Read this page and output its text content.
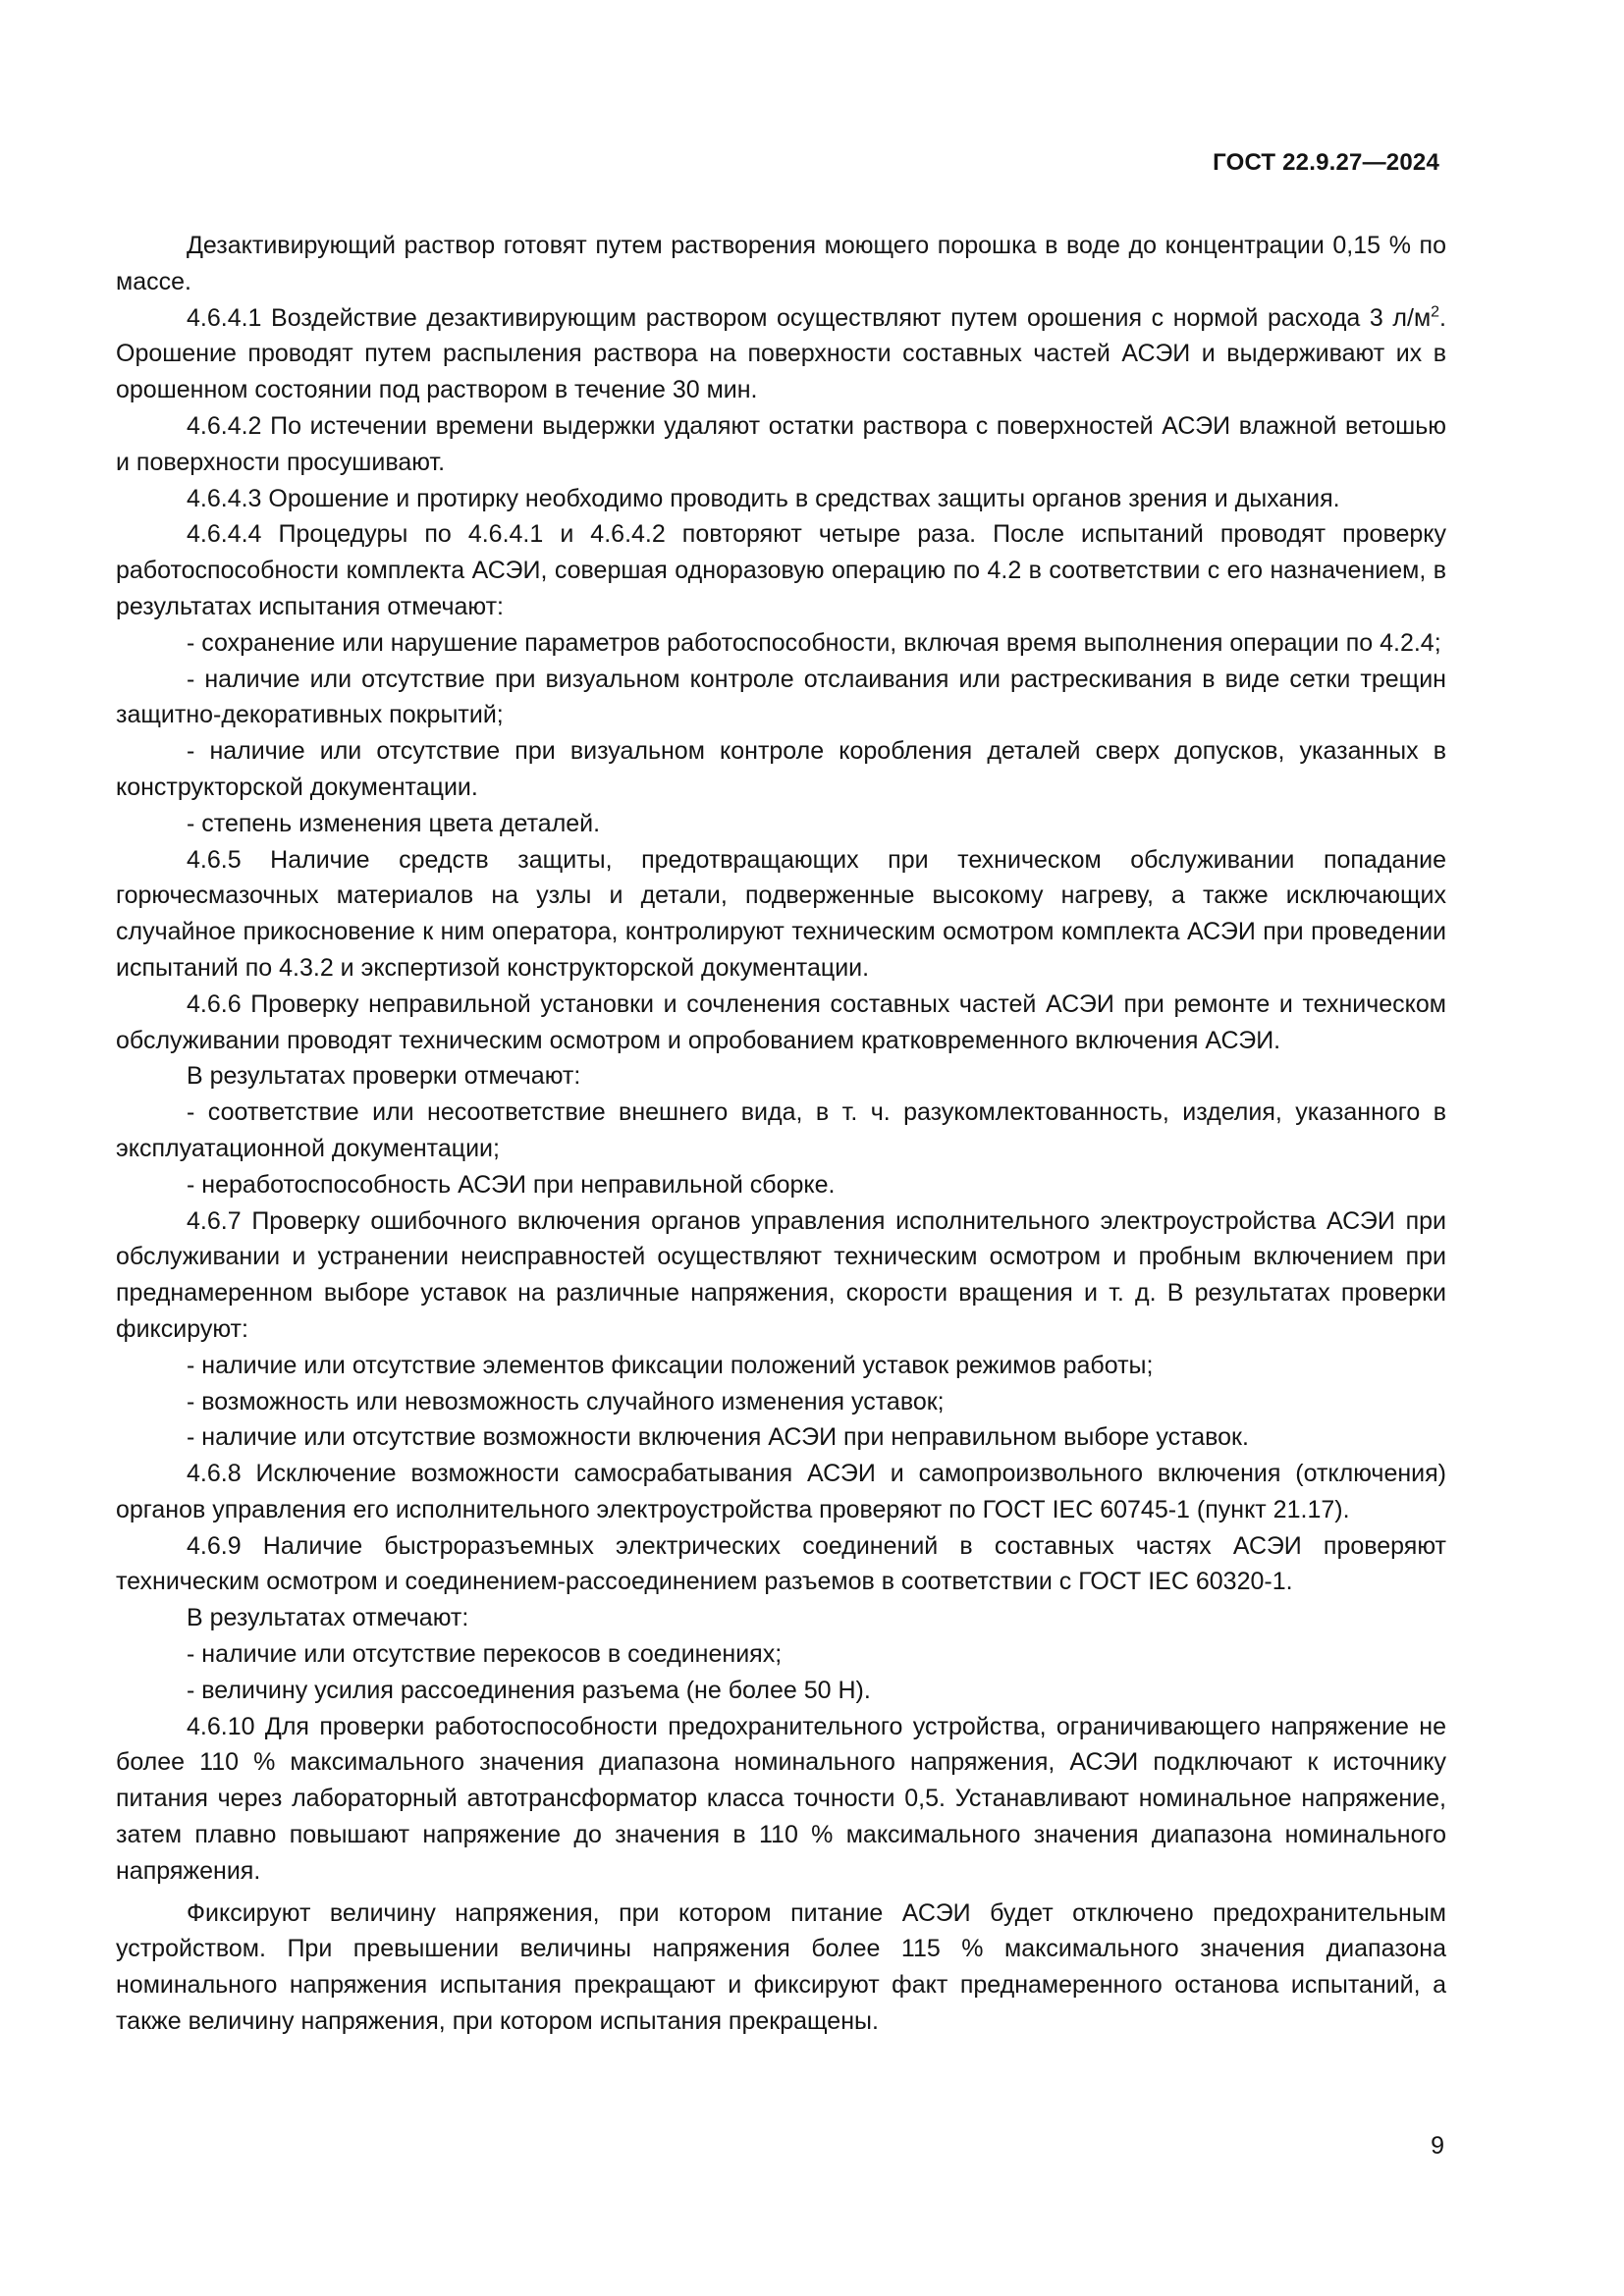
ГОСТ 22.9.27—2024

Дезактивирующий раствор готовят путем растворения моющего порошка в воде до концентрации 0,15 % по массе.

4.6.4.1 Воздействие дезактивирующим раствором осуществляют путем орошения с нормой расхода 3 $л/м^2$. Орошение проводят путем распыления раствора на поверхности составных частей АСЭИ и выдерживают их в орошенном состоянии под раствором в течение 30 мин.

4.6.4.2 По истечении времени выдержки удаляют остатки раствора с поверхностей АСЭИ влажной ветошью и поверхности просушивают.

4.6.4.3 Орошение и протирку необходимо проводить в средствах защиты органов зрения и дыхания.

4.6.4.4 Процедуры по 4.6.4.1 и 4.6.4.2 повторяют четыре раза. После испытаний проводят проверку работоспособности комплекта АСЭИ, совершая одноразовую операцию по 4.2 в соответствии с его назначением, в результатах испытания отмечают:

- сохранение или нарушение параметров работоспособности, включая время выполнения операции по 4.2.4;

- наличие или отсутствие при визуальном контроле отслаивания или растрескивания в виде сетки трещин защитно-декоративных покрытий;

- наличие или отсутствие при визуальном контроле коробления деталей сверх допусков, указанных в конструкторской документации.

- степень изменения цвета деталей.

4.6.5 Наличие средств защиты, предотвращающих при техническом обслуживании попадание горючесмазочных материалов на узлы и детали, подверженные высокому нагреву, а также исключающих случайное прикосновение к ним оператора, контролируют техническим осмотром комплекта АСЭИ при проведении испытаний по 4.3.2 и экспертизой конструкторской документации.

4.6.6 Проверку неправильной установки и сочленения составных частей АСЭИ при ремонте и техническом обслуживании проводят техническим осмотром и опробованием кратковременного включения АСЭИ.

В результатах проверки отмечают:

- соответствие или несоответствие внешнего вида, в т. ч. разукомлектованность, изделия, указанного в эксплуатационной документации;

- неработоспособность АСЭИ при неправильной сборке.

4.6.7 Проверку ошибочного включения органов управления исполнительного электроустройства АСЭИ при обслуживании и устранении неисправностей осуществляют техническим осмотром и пробным включением при преднамеренном выборе уставок на различные напряжения, скорости вращения и т. д. В результатах проверки фиксируют:

- наличие или отсутствие элементов фиксации положений уставок режимов работы;

- возможность или невозможность случайного изменения уставок;

- наличие или отсутствие возможности включения АСЭИ при неправильном выборе уставок.

4.6.8 Исключение возможности самосрабатывания АСЭИ и самопроизвольного включения (отключения) органов управления его исполнительного электроустройства проверяют по ГОСТ IEC 60745-1 (пункт 21.17).

4.6.9 Наличие быстроразъемных электрических соединений в составных частях АСЭИ проверяют техническим осмотром и соединением-рассоединением разъемов в соответствии с ГОСТ IEC 60320-1.

В результатах отмечают:

- наличие или отсутствие перекосов в соединениях;

- величину усилия рассоединения разъема (не более 50 Н).

4.6.10 Для проверки работоспособности предохранительного устройства, ограничивающего напряжение не более 110 % максимального значения диапазона номинального напряжения, АСЭИ подключают к источнику питания через лабораторный автотрансформатор класса точности 0,5. Устанавливают номинальное напряжение, затем плавно повышают напряжение до значения в 110 % максимального значения диапазона номинального напряжения.

Фиксируют величину напряжения, при котором питание АСЭИ будет отключено предохранительным устройством. При превышении величины напряжения более 115 % максимального значения диапазона номинального напряжения испытания прекращают и фиксируют факт преднамеренного останова испытаний, а также величину напряжения, при котором испытания прекращены.

9
